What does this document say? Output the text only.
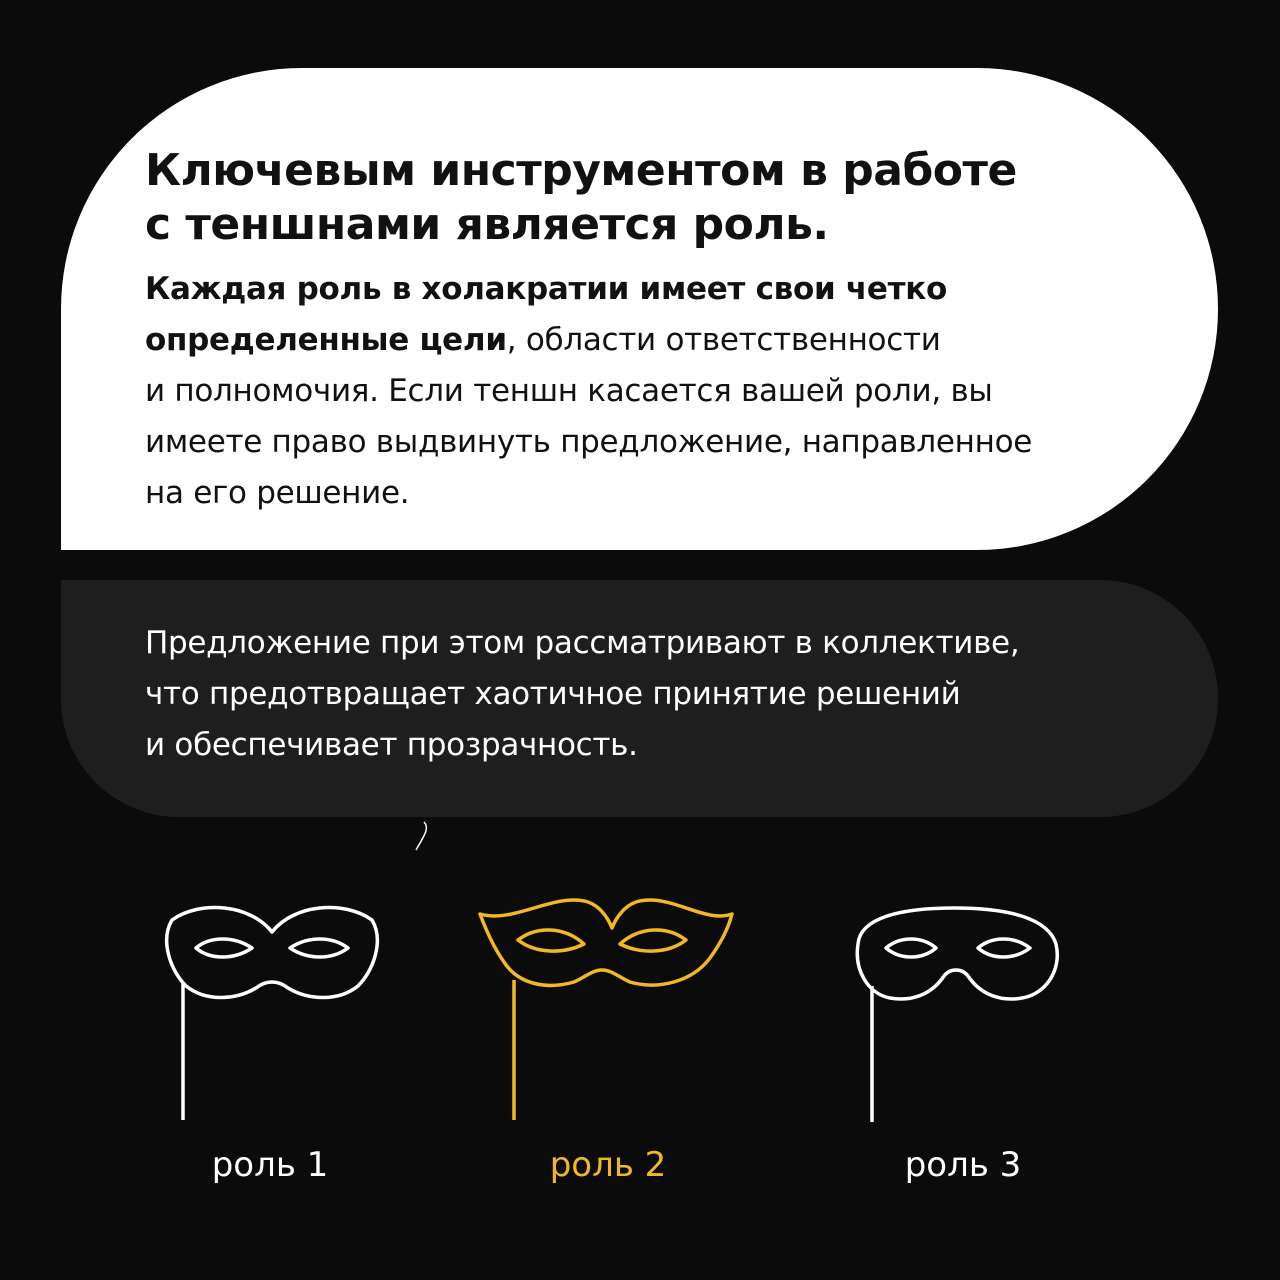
Ключевым инструментом в работе
с теншнами является роль.

Каждая роль в холакратии имеет свои четко
определенные цели, области ответственности
и полномочия. Если теншн касается вашей роли, вы
имеете право выдвинуть предложение, направленное
на его решение.

Предложение при этом рассматривают в коллективе,
что предотвращает хаотичное принятие решений
и обеспечивает прозрачность.

роль 1	роль 2	роль 3
